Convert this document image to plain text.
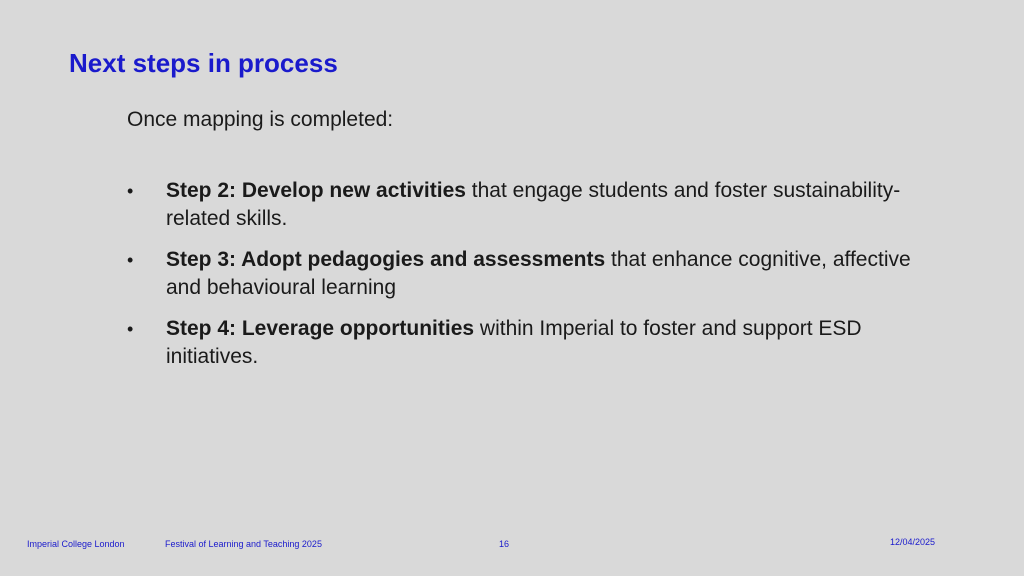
Next steps in process
Once mapping is completed:
• Step 2: Develop new activities that engage students and foster sustainability-related skills.
• Step 3: Adopt pedagogies and assessments that enhance cognitive, affective and behavioural learning
• Step 4: Leverage opportunities within Imperial to foster and support ESD initiatives.
Imperial College London	Festival of Learning and Teaching 2025	16	12/04/2025
